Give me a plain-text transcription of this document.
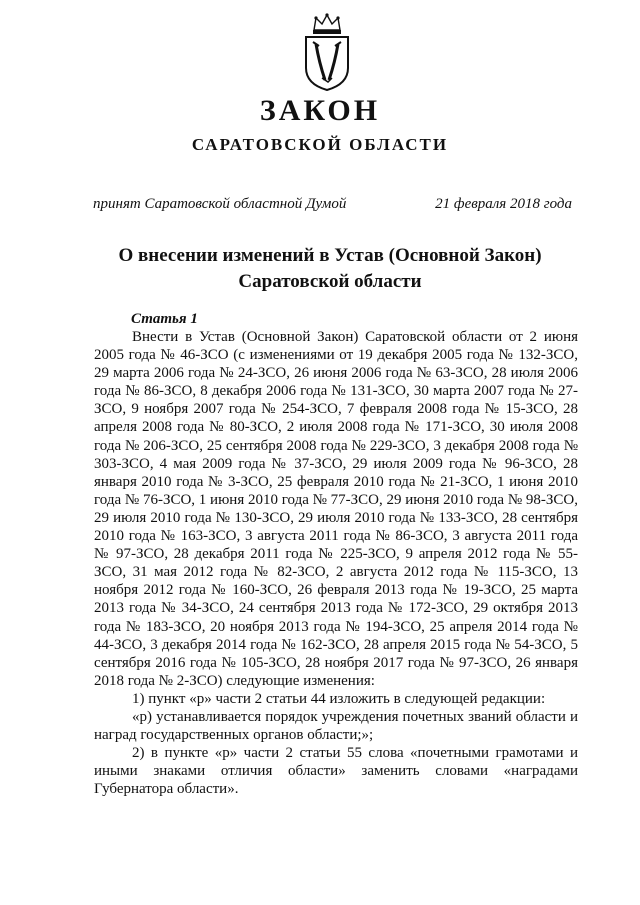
ЗАКОН
САРАТОВСКОЙ ОБЛАСТИ
принят Саратовской областной Думой	21 февраля 2018 года
О внесении изменений в Устав (Основной Закон)
Саратовской области
Статья 1

Внести в Устав (Основной Закон) Саратовской области от 2 июня 2005 года № 46-ЗСО (с изменениями от 19 декабря 2005 года № 132-ЗСО, 29 марта 2006 года № 24-ЗСО, 26 июня 2006 года № 63-ЗСО, 28 июля 2006 года № 86-ЗСО, 8 декабря 2006 года № 131-ЗСО, 30 марта 2007 года № 27-ЗСО, 9 ноября 2007 года № 254-ЗСО, 7 февраля 2008 года № 15-ЗСО, 28 апреля 2008 года № 80-ЗСО, 2 июля 2008 года № 171-ЗСО, 30 июля 2008 года № 206-ЗСО, 25 сентября 2008 года № 229-ЗСО, 3 декабря 2008 года № 303-ЗСО, 4 мая 2009 года № 37-ЗСО, 29 июля 2009 года № 96-ЗСО, 28 января 2010 года № 3-ЗСО, 25 февраля 2010 года № 21-ЗСО, 1 июня 2010 года № 76-ЗСО, 1 июня 2010 года № 77-ЗСО, 29 июня 2010 года № 98-ЗСО, 29 июля 2010 года № 130-ЗСО, 29 июля 2010 года № 133-ЗСО, 28 сентября 2010 года № 163-ЗСО, 3 августа 2011 года № 86-ЗСО, 3 августа 2011 года № 97-ЗСО, 28 декабря 2011 года № 225-ЗСО, 9 апреля 2012 года № 55-ЗСО, 31 мая 2012 года № 82-ЗСО, 2 августа 2012 года № 115-ЗСО, 13 ноября 2012 года № 160-ЗСО, 26 февраля 2013 года № 19-ЗСО, 25 марта 2013 года № 34-ЗСО, 24 сентября 2013 года № 172-ЗСО, 29 октября 2013 года № 183-ЗСО, 20 ноября 2013 года № 194-ЗСО, 25 апреля 2014 года № 44-ЗСО, 3 декабря 2014 года № 162-ЗСО, 28 апреля 2015 года № 54-ЗСО, 5 сентября 2016 года № 105-ЗСО, 28 ноября 2017 года № 97-ЗСО, 26 января 2018 года № 2-ЗСО) следующие изменения:

1) пункт «р» части 2 статьи 44 изложить в следующей редакции:

«р) устанавливается порядок учреждения почетных званий области и наград государственных органов области;»;

2) в пункте «р» части 2 статьи 55 слова «почетными грамотами и иными знаками отличия области» заменить словами «наградами Губернатора области».
